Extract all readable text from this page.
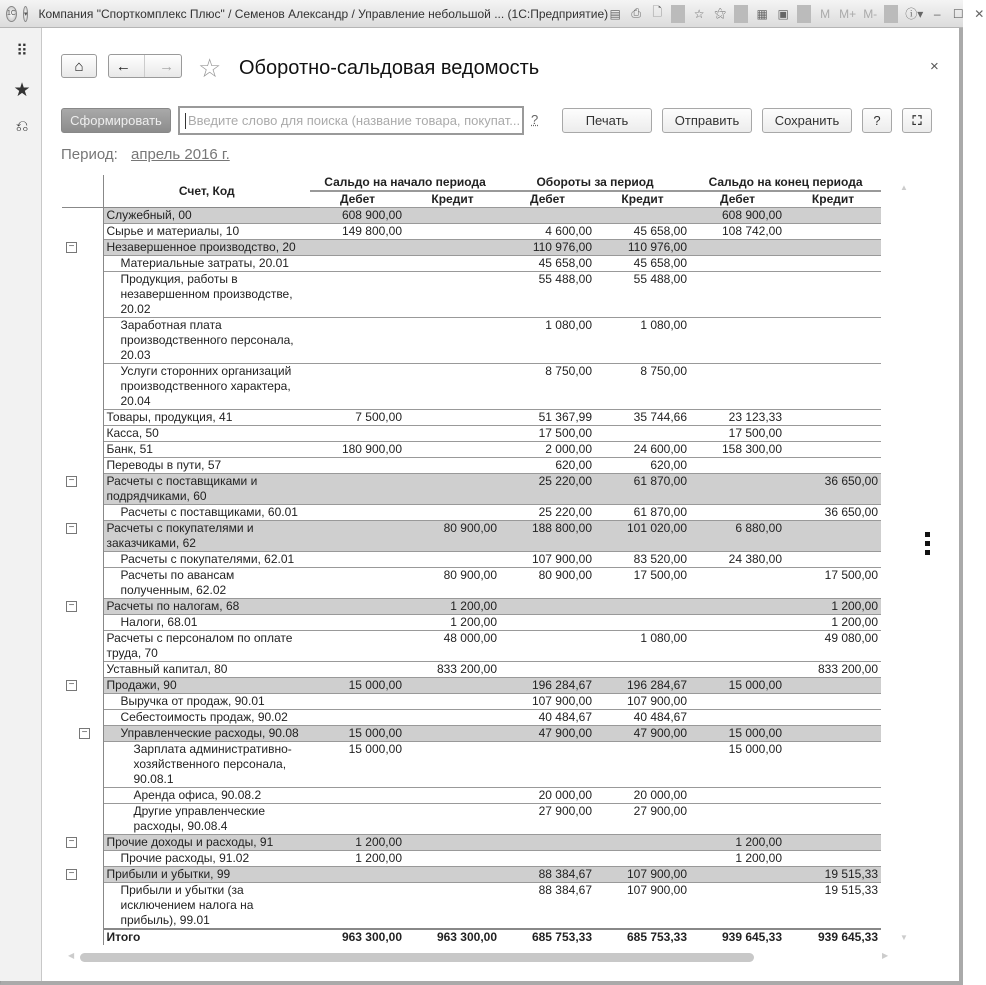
1С ▾ Компания "Спорткомплекс Плюс" / Семенов Александр / Управление небольшой ... (1С:Предприятие) ▤ ⎙ 🗋	☆ ⚝	▦ ▣	M M+ M- ⓘ▾ –	☐ ✕
⠿
★
⎌
⌂ ← → ☆ Оборотно-сальдовая ведомость	×
Сформировать	Введите слово для поиска (название товара, покупат... ?	Печать	Отправить	Сохранить	?	⛶
Период: апрель 2016 г.
	Счет, Код	Сальдо на начало периода		Обороты за период		Сальдо на конец периода	
		Дебет	Кредит	Дебет	Кредит	Дебет	Кредит
	Служебный, 00	608 900,00				608 900,00	
	Сырье и материалы, 10	149 800,00		4 600,00	45 658,00	108 742,00	

−	Незавершенное производство, 20			110 976,00	110 976,00		
	Материальные затраты, 20.01			45 658,00	45 658,00		
	Продукция, работы в незавершенном производстве, 20.02			55 488,00	55 488,00		
	Заработная плата производственного персонала, 20.03			1 080,00	1 080,00		
	Услуги сторонних организаций производственного характера, 20.04			8 750,00	8 750,00		
	Товары, продукция, 41	7 500,00		51 367,99	35 744,66	23 123,33	
	Касса, 50			17 500,00		17 500,00	
	Банк, 51	180 900,00		2 000,00	24 600,00	158 300,00	
	Переводы в пути, 57			620,00	620,00		

−	Расчеты с поставщиками и подрядчиками, 60			25 220,00	61 870,00		36 650,00
	Расчеты с поставщиками, 60.01			25 220,00	61 870,00		36 650,00

−	Расчеты с покупателями и заказчиками, 62		80 900,00	188 800,00	101 020,00	6 880,00	
	Расчеты с покупателями, 62.01			107 900,00	83 520,00	24 380,00	
	Расчеты по авансам полученным, 62.02		80 900,00	80 900,00	17 500,00		17 500,00

−	Расчеты по налогам, 68		1 200,00				1 200,00
	Налоги, 68.01		1 200,00				1 200,00
	Расчеты с персоналом по оплате труда, 70		48 000,00		1 080,00		49 080,00
	Уставный капитал, 80		833 200,00				833 200,00

−	Продажи, 90	15 000,00		196 284,67	196 284,67	15 000,00	
	Выручка от продаж, 90.01			107 900,00	107 900,00		
	Себестоимость продаж, 90.02			40 484,67	40 484,67		

−	Управленческие расходы, 90.08	15 000,00		47 900,00	47 900,00	15 000,00	
	Зарплата административно-хозяйственного персонала, 90.08.1	15 000,00				15 000,00	
	Аренда офиса, 90.08.2			20 000,00	20 000,00		
	Другие управленческие расходы, 90.08.4			27 900,00	27 900,00		

−	Прочие доходы и расходы, 91	1 200,00				1 200,00	
	Прочие расходы, 91.02	1 200,00				1 200,00	

−	Прибыли и убытки, 99			88 384,67	107 900,00		19 515,33
	Прибыли и убытки (за исключением налога на прибыль), 99.01			88 384,67	107 900,00		19 515,33
	Итого	963 300,00	963 300,00	685 753,33	685 753,33	939 645,33	939 645,33
▲
▼
◀	▶
